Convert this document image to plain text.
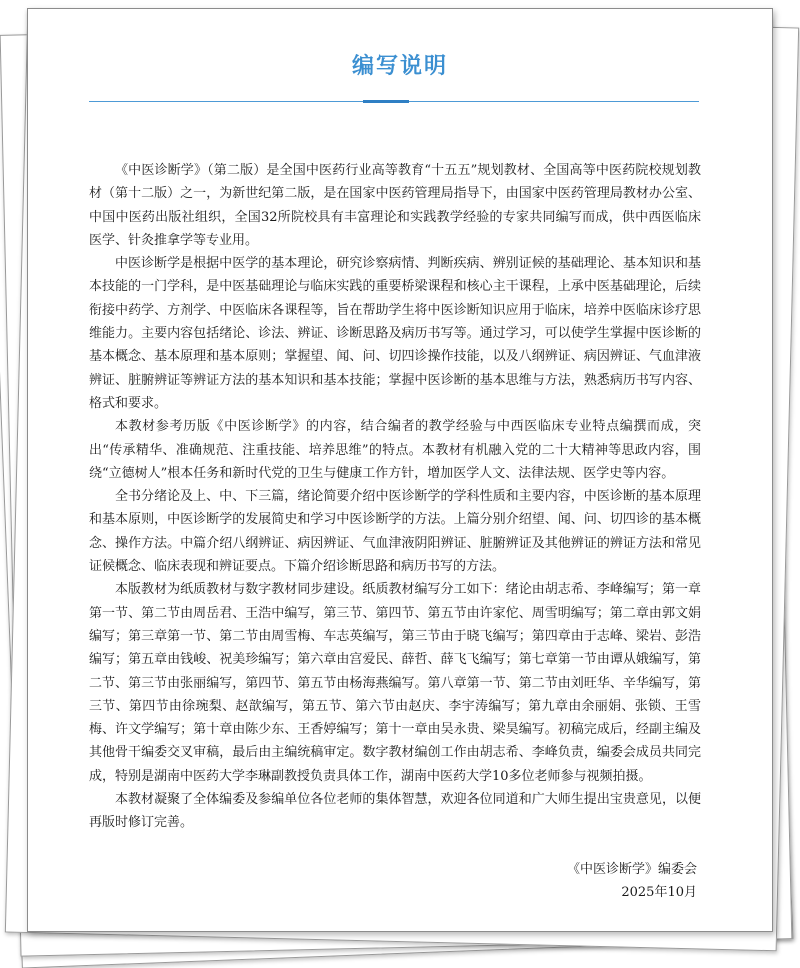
编写说明

《中医诊断学》（第二版）是全国中医药行业高等教育“十五五”规划教材、全国高等中医药院校规划教材（第十二版）之一，为新世纪第二版，是在国家中医药管理局指导下，由国家中医药管理局教材办公室、中国中医药出版社组织，全国32所院校具有丰富理论和实践教学经验的专家共同编写而成，供中西医临床医学、针灸推拿学等专业用。

中医诊断学是根据中医学的基本理论，研究诊察病情、判断疾病、辨别证候的基础理论、基本知识和基本技能的一门学科，是中医基础理论与临床实践的重要桥梁课程和核心主干课程，上承中医基础理论，后续衔接中药学、方剂学、中医临床各课程等，旨在帮助学生将中医诊断知识应用于临床，培养中医临床诊疗思维能力。主要内容包括绪论、诊法、辨证、诊断思路及病历书写等。通过学习，可以使学生掌握中医诊断的基本概念、基本原理和基本原则；掌握望、闻、问、切四诊操作技能，以及八纲辨证、病因辨证、气血津液辨证、脏腑辨证等辨证方法的基本知识和基本技能；掌握中医诊断的基本思维与方法，熟悉病历书写内容、格式和要求。

本教材参考历版《中医诊断学》的内容，结合编者的教学经验与中西医临床专业特点编撰而成，突出“传承精华、准确规范、注重技能、培养思维”的特点。本教材有机融入党的二十大精神等思政内容，围绕“立德树人”根本任务和新时代党的卫生与健康工作方针，增加医学人文、法律法规、医学史等内容。

全书分绪论及上、中、下三篇，绪论简要介绍中医诊断学的学科性质和主要内容，中医诊断的基本原理和基本原则，中医诊断学的发展简史和学习中医诊断学的方法。上篇分别介绍望、闻、问、切四诊的基本概念、操作方法。中篇介绍八纲辨证、病因辨证、气血津液阴阳辨证、脏腑辨证及其他辨证的辨证方法和常见证候概念、临床表现和辨证要点。下篇介绍诊断思路和病历书写的方法。

本版教材为纸质教材与数字教材同步建设。纸质教材编写分工如下：绪论由胡志希、李峰编写；第一章第一节、第二节由周岳君、王浩中编写，第三节、第四节、第五节由许家佗、周雪明编写；第二章由郭文娟编写；第三章第一节、第二节由周雪梅、车志英编写，第三节由于晓飞编写；第四章由于志峰、梁岩、彭浩编写；第五章由钱峻、祝美珍编写；第六章由宫爱民、薛哲、薛飞飞编写；第七章第一节由谭从娥编写，第二节、第三节由张丽编写，第四节、第五节由杨海燕编写。第八章第一节、第二节由刘旺华、辛华编写，第三节、第四节由徐琬梨、赵歆编写，第五节、第六节由赵庆、李宇涛编写；第九章由余丽娟、张锁、王雪梅、许文学编写；第十章由陈少东、王香婷编写；第十一章由吴永贵、梁昊编写。初稿完成后，经副主编及其他骨干编委交叉审稿，最后由主编统稿审定。数字教材编创工作由胡志希、李峰负责，编委会成员共同完成，特别是湖南中医药大学李琳副教授负责具体工作，湖南中医药大学10多位老师参与视频拍摄。

本教材凝聚了全体编委及参编单位各位老师的集体智慧，欢迎各位同道和广大师生提出宝贵意见，以便再版时修订完善。

《中医诊断学》编委会
2025年10月
